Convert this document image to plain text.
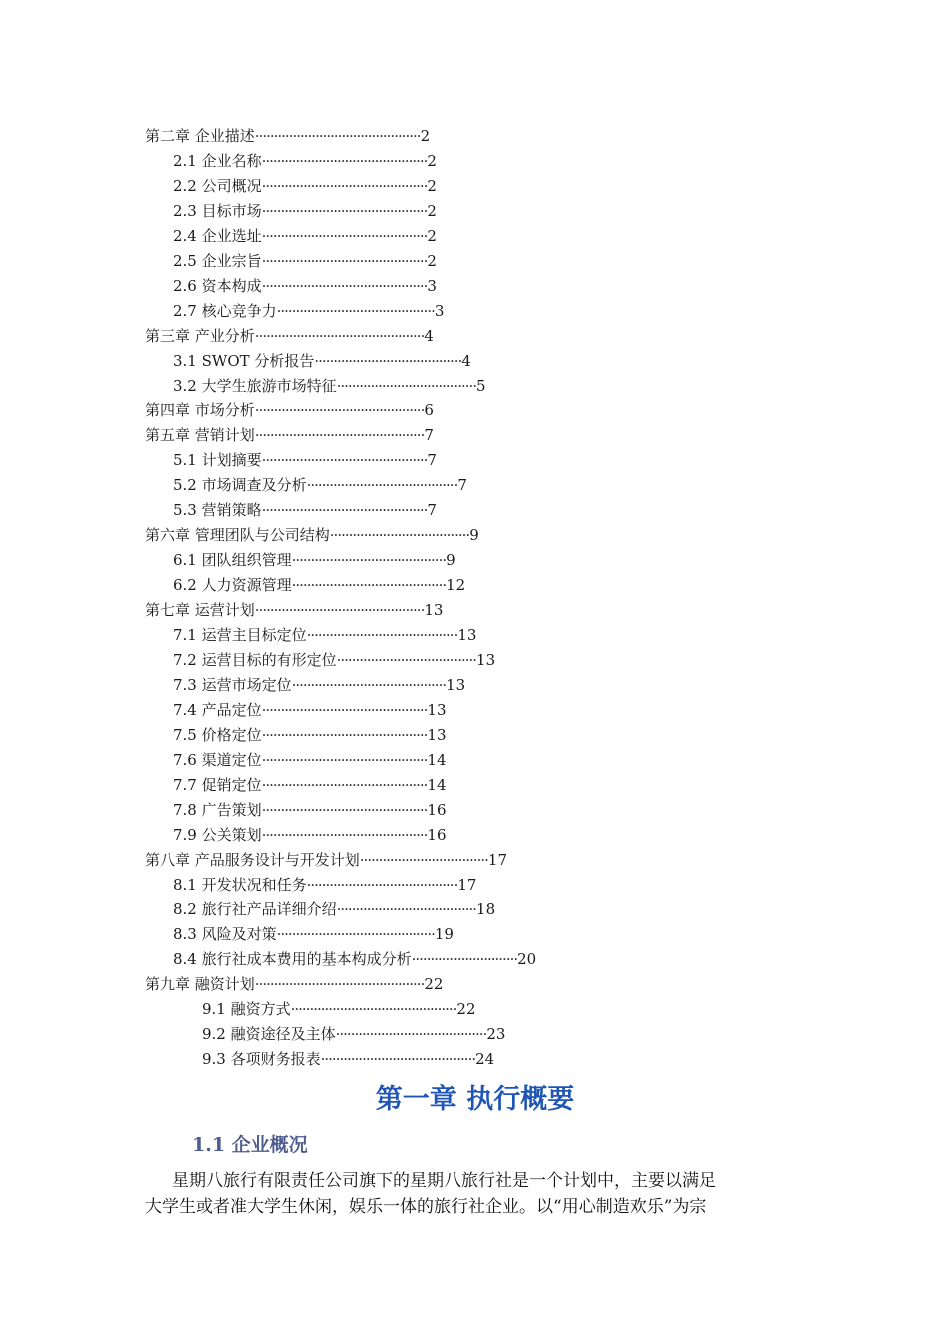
第二章 企业描述············································2
2.1 企业名称············································2
2.2 公司概况············································2
2.3 目标市场············································2
2.4 企业选址············································2
2.5 企业宗旨············································2
2.6 资本构成············································3
2.7 核心竞争力··········································3
第三章 产业分析·············································4
3.1 SWOT 分析报告·······································4
3.2 大学生旅游市场特征·····································5
第四章 市场分析·············································6
第五章 营销计划·············································7
5.1 计划摘要············································7
5.2 市场调查及分析········································7
5.3 营销策略············································7
第六章 管理团队与公司结构·····································9
6.1 团队组织管理·········································9
6.2 人力资源管理·········································12
第七章 运营计划·············································13
7.1 运营主目标定位········································13
7.2 运营目标的有形定位·····································13
7.3 运营市场定位·········································13
7.4 产品定位············································13
7.5 价格定位············································13
7.6 渠道定位············································14
7.7 促销定位············································14
7.8 广告策划············································16
7.9 公关策划············································16
第八章 产品服务设计与开发计划··································17
8.1 开发状况和任务········································17
8.2 旅行社产品详细介绍·····································18
8.3 风险及对策··········································19
8.4 旅行社成本费用的基本构成分析····························20
第九章 融资计划·············································22
9.1 融资方式············································22
9.2 融资途径及主体········································23
9.3 各项财务报表·········································24
第一章 执行概要
1.1 企业概况
星期八旅行有限责任公司旗下的星期八旅行社是一个计划中，主要以满足
大学生或者准大学生休闲，娱乐一体的旅行社企业。以“用心制造欢乐”为宗
